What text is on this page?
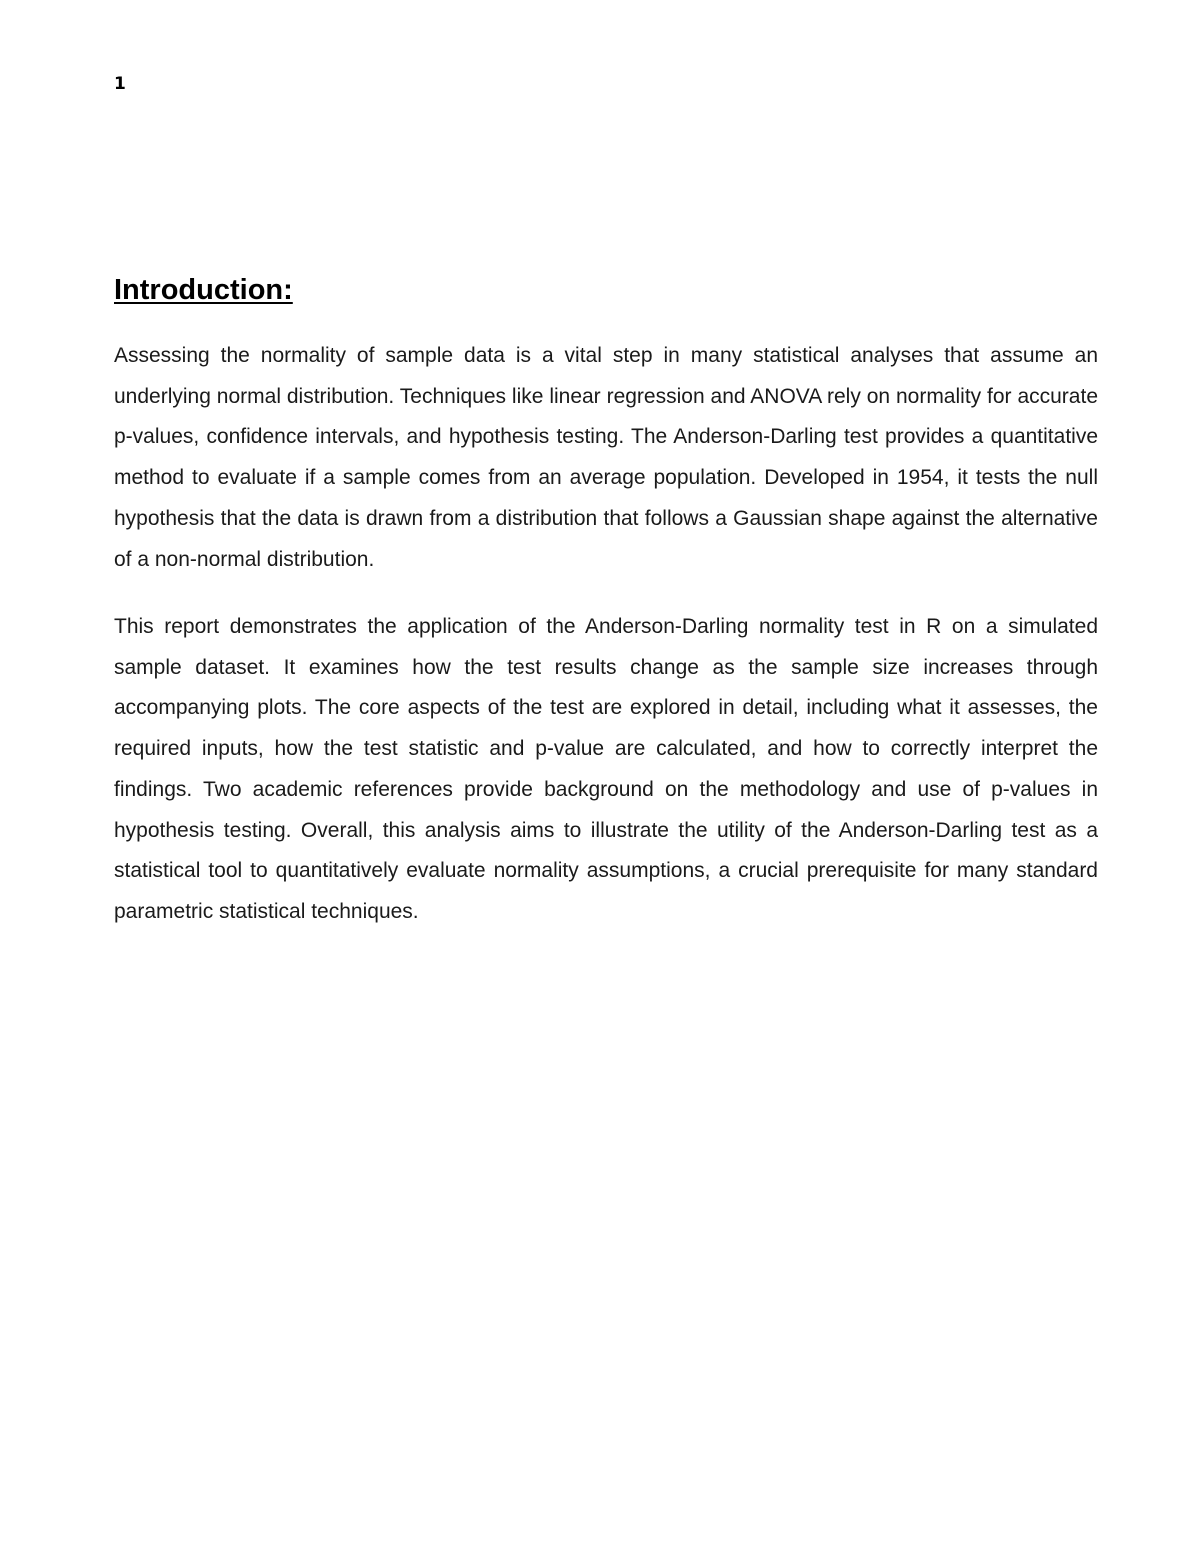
1
Introduction:

Assessing the normality of sample data is a vital step in many statistical analyses that assume an underlying normal distribution. Techniques like linear regression and ANOVA rely on normality for accurate p-values, confidence intervals, and hypothesis testing. The Anderson-Darling test provides a quantitative method to evaluate if a sample comes from an average population. Developed in 1954, it tests the null hypothesis that the data is drawn from a distribution that follows a Gaussian shape against the alternative of a non-normal distribution.

This report demonstrates the application of the Anderson-Darling normality test in R on a simulated sample dataset. It examines how the test results change as the sample size increases through accompanying plots. The core aspects of the test are explored in detail, including what it assesses, the required inputs, how the test statistic and p-value are calculated, and how to correctly interpret the findings. Two academic references provide background on the methodology and use of p-values in hypothesis testing. Overall, this analysis aims to illustrate the utility of the Anderson-Darling test as a statistical tool to quantitatively evaluate normality assumptions, a crucial prerequisite for many standard parametric statistical techniques.
